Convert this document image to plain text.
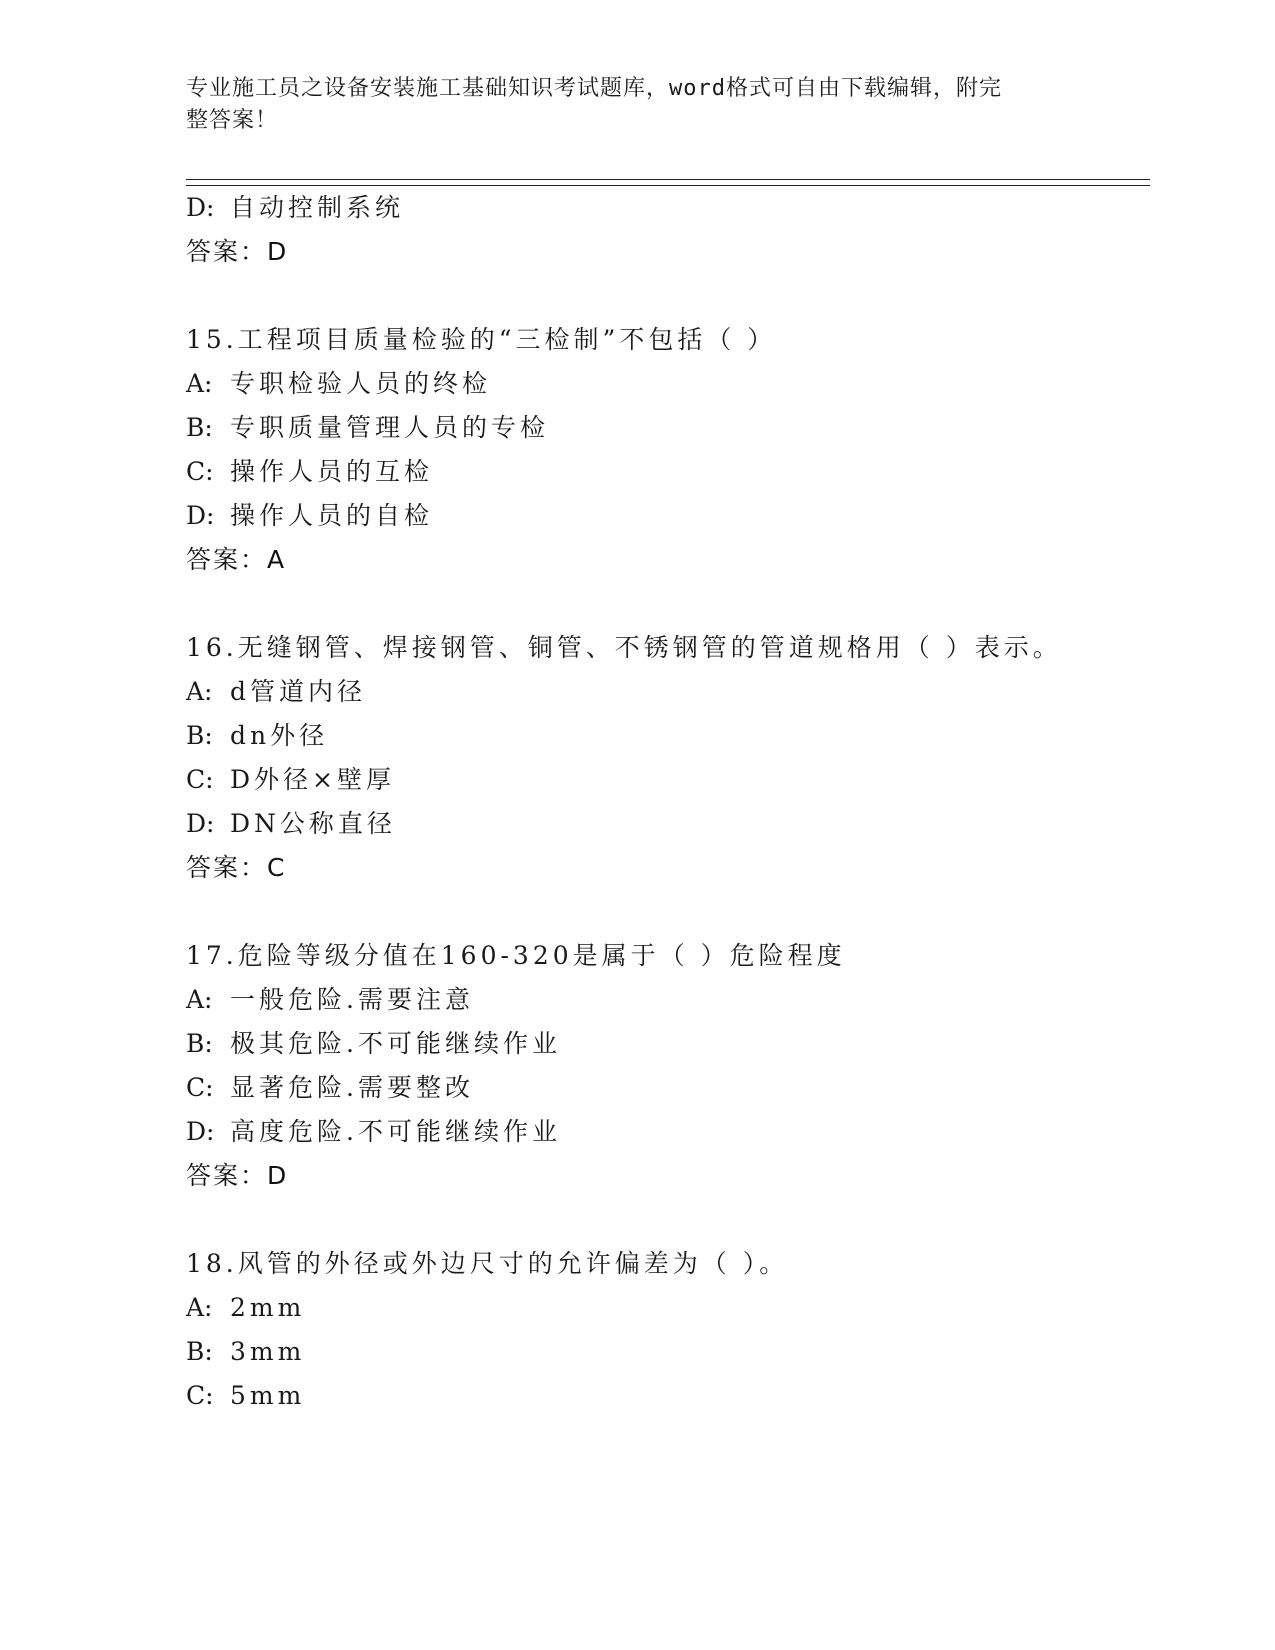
专业施工员之设备安装施工基础知识考试题库，word格式可自由下载编辑，附完
整答案！
D: 自动控制系统
答案：D
15.工程项目质量检验的“三检制”不包括（ ）
A: 专职检验人员的终检
B: 专职质量管理人员的专检
C: 操作人员的互检
D: 操作人员的自检
答案：A
16.无缝钢管、焊接钢管、铜管、不锈钢管的管道规格用（ ）表示。
A: d管道内径
B: dn外径
C: D外径×壁厚
D: DN公称直径
答案：C
17.危险等级分值在160-320是属于（ ）危险程度
A: 一般危险.需要注意
B: 极其危险.不可能继续作业
C: 显著危险.需要整改
D: 高度危险.不可能继续作业
答案：D
18.风管的外径或外边尺寸的允许偏差为（ ）。
A: 2mm
B: 3mm
C: 5mm
